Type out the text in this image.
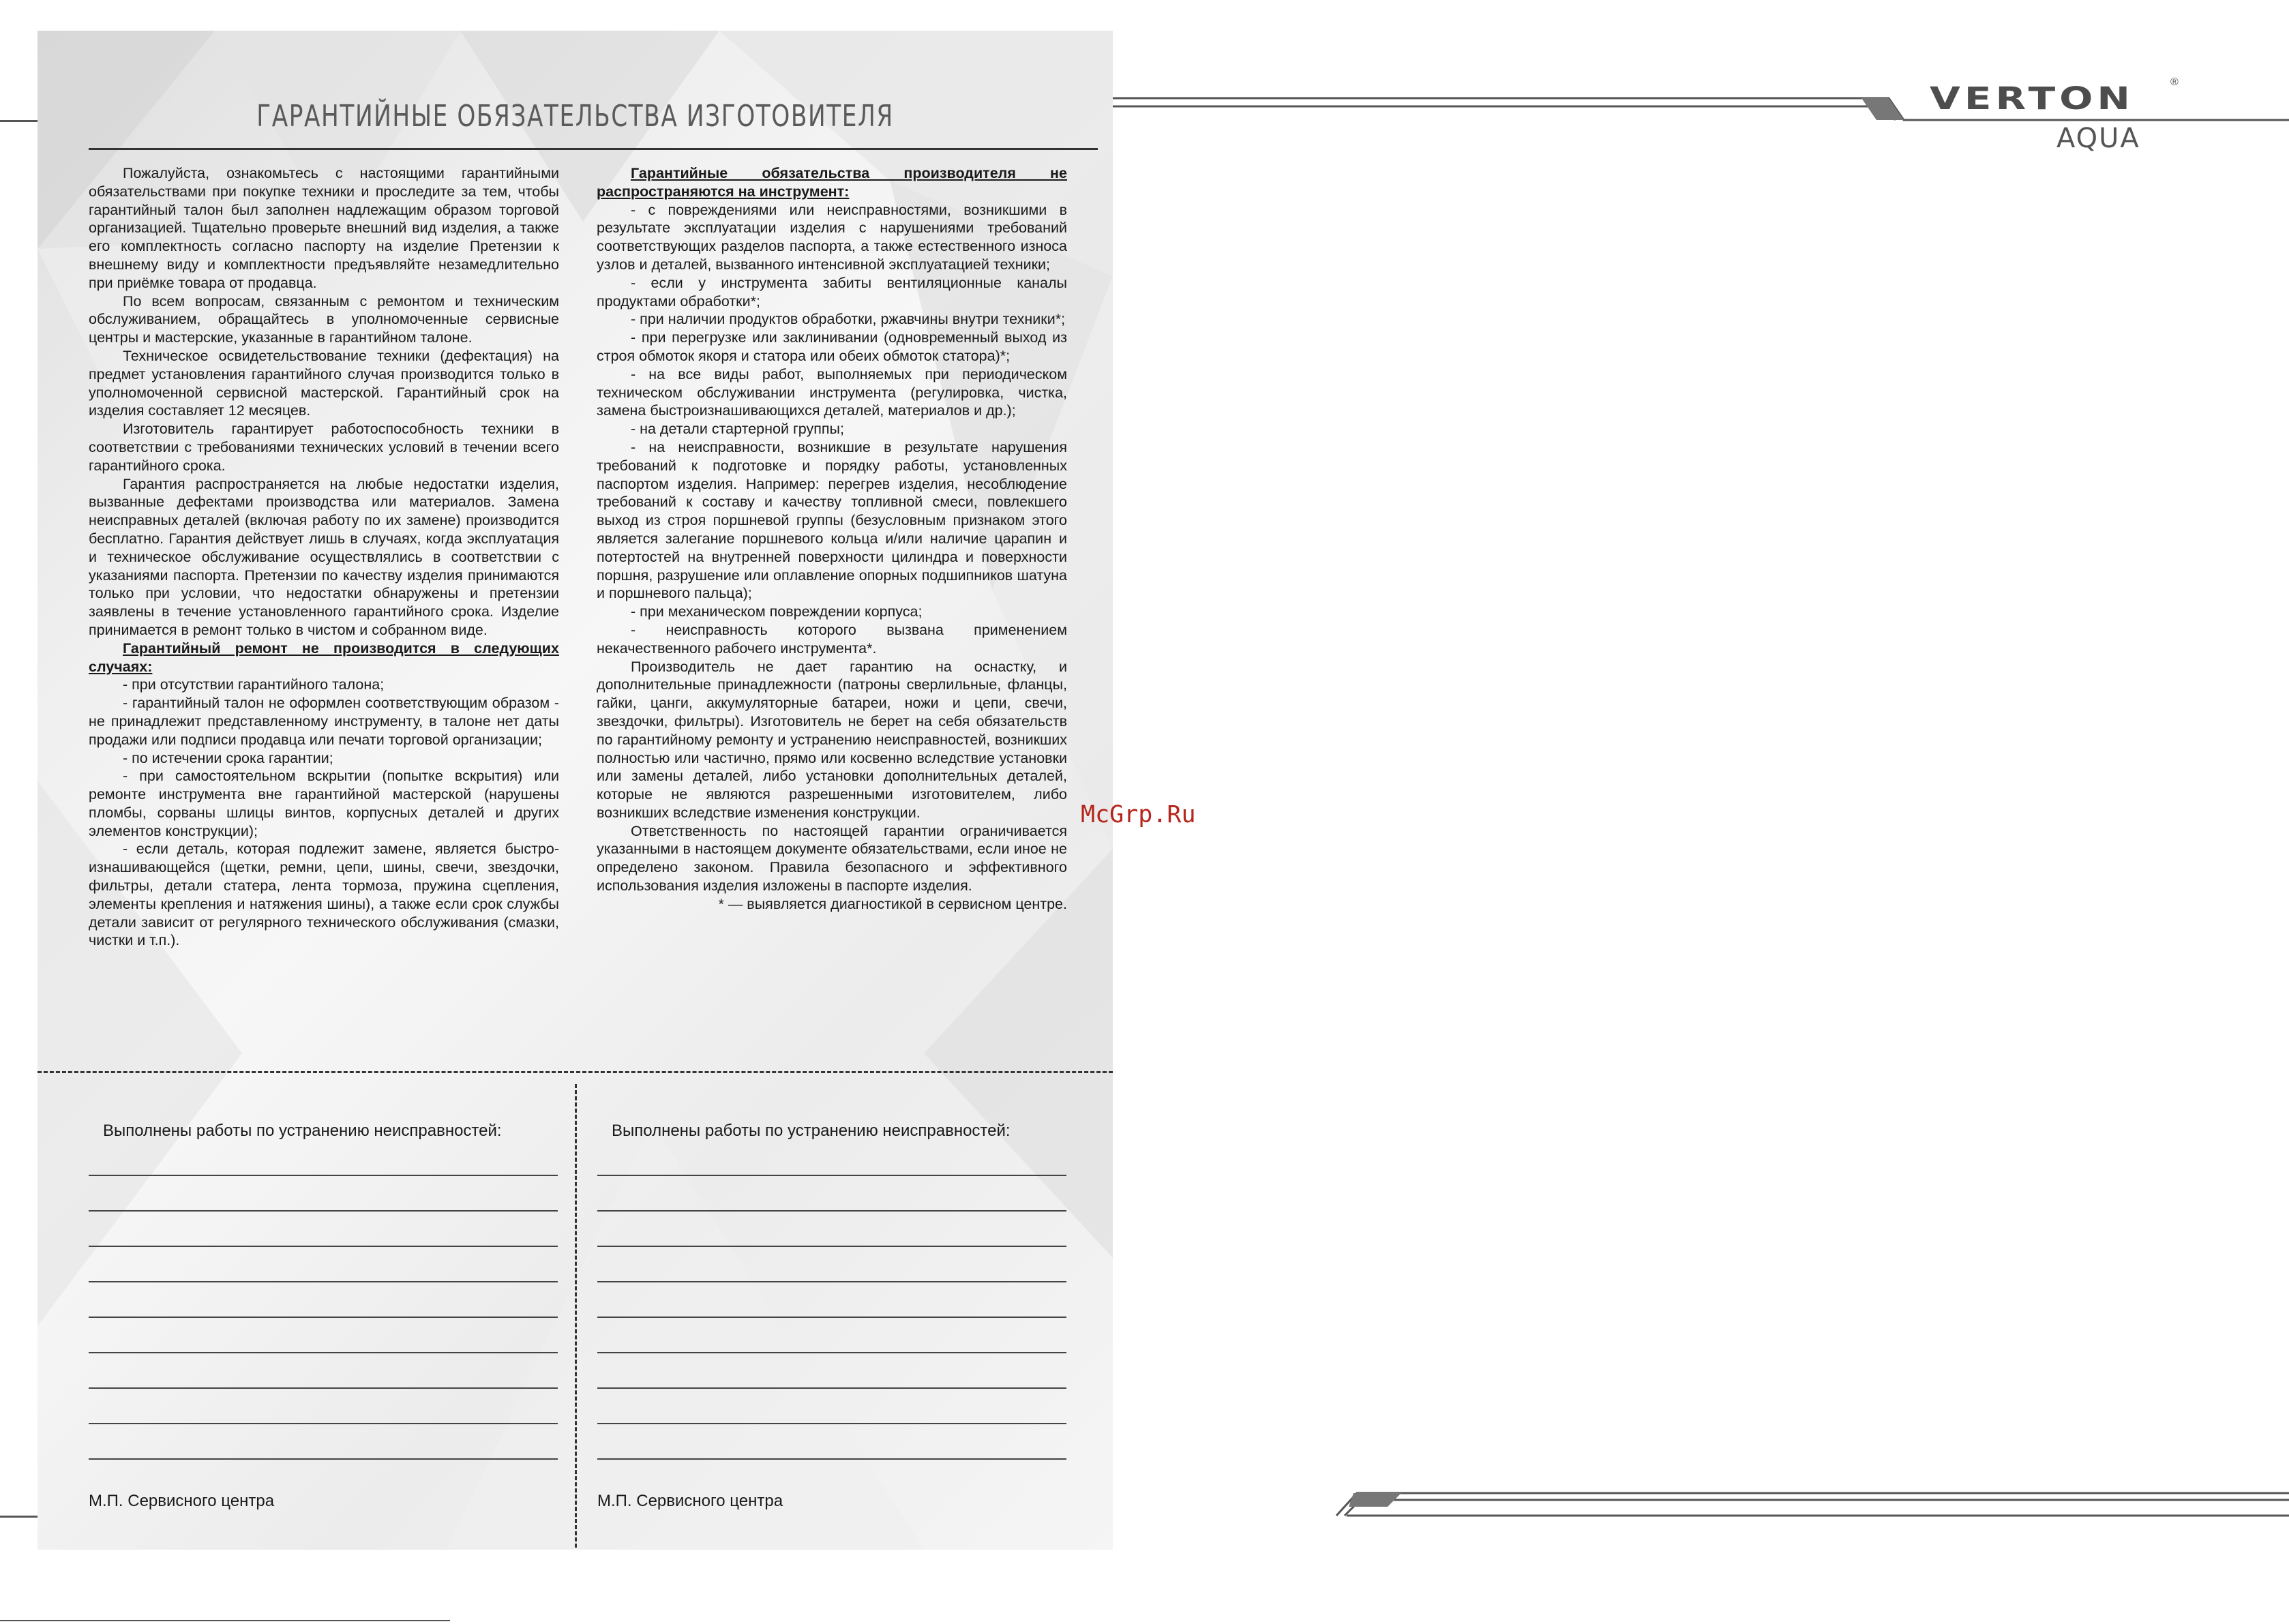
ГАРАНТИЙНЫЕ ОБЯЗАТЕЛЬСТВА ИЗГОТОВИТЕЛЯ

Пожалуйста, ознакомьтесь с настоящими гарантийными обязательствами при покупке техники и проследите за тем, чтобы гарантийный талон был заполнен надлежащим образом торговой организацией. Тщательно проверьте внешний вид изделия, а также его комплектность согласно паспорту на изделие Претензии к внешнему виду и комплектности предъявляйте незамедлительно при приёмке товара от продавца.

По всем вопросам, связанным с ремонтом и техническим обслуживанием, обращайтесь в уполномоченные сервисные центры и мастерские, указанные в гарантийном талоне.

Техническое освидетельствование техники (дефектация) на предмет установления гарантийного случая производится только в уполномоченной сервисной мастерской. Гарантийный срок на изделия составляет 12 месяцев.

Изготовитель гарантирует работоспособность техники в соответствии с требованиями технических условий в течении всего гарантийного срока.

Гарантия распространяется на любые недостатки изделия, вызванные дефектами производства или материалов. Замена неисправных деталей (включая работу по их замене) производится бесплатно. Гарантия действует лишь в случаях, когда эксплуатация и техническое обслуживание осуществлялись в соответствии с указаниями паспорта. Претензии по качеству изделия принимаются только при условии, что недостатки обнаружены и претензии заявлены в течение установленного гарантийного срока. Изделие принимается в ремонт только в чистом и собранном виде.

Гарантийный ремонт не производится в следующих случаях:

- при отсутствии гарантийного талона;

- гарантийный талон не оформлен соответствующим образом - не принадлежит представленному инструменту, в талоне нет даты продажи или подписи продавца или печати торговой организации;

- по истечении срока гарантии;

- при самостоятельном вскрытии (попытке вскрытия) или ремонте инструмента вне гарантийной мастерской (нарушены пломбы, сорваны шлицы винтов, корпусных деталей и других элементов конструкции);

- если деталь, которая подлежит замене, является быстро-изнашивающейся (щетки, ремни, цепи, шины, свечи, звездочки, фильтры, детали статера, лента тормоза, пружина сцепления, элементы крепления и натяжения шины), а также если срок службы детали зависит от регулярного технического обслуживания (смазки, чистки и т.п.).

Гарантийные обязательства производителя не распространяются на инструмент:

- с повреждениями или неисправностями, возникшими в результате эксплуатации изделия с нарушениями требований соответствующих разделов паспорта, а также естественного износа узлов и деталей, вызванного интенсивной эксплуатацией техники;

- если у инструмента забиты вентиляционные каналы продуктами обработки*;

- при наличии продуктов обработки, ржавчины внутри техники*;

- при перегрузке или заклинивании (одновременный выход из строя обмоток якоря и статора или обеих обмоток статора)*;

- на все виды работ, выполняемых при периодическом техническом обслуживании инструмента (регулировка, чистка, замена быстроизнашивающихся деталей, материалов и др.);

- на детали стартерной группы;

- на неисправности, возникшие в результате нарушения требований к подготовке и порядку работы, установленных паспортом изделия. Например: перегрев изделия, несоблюдение требований к составу и качеству топливной смеси, повлекшего выход из строя поршневой группы (безусловным признаком этого является залегание поршневого кольца и/или наличие царапин и потертостей на внутренней поверхности цилиндра и поверхности поршня, разрушение или оплавление опорных подшипников шатуна и поршневого пальца);

- при механическом повреждении корпуса;

- неисправность которого вызвана применением некачественного рабочего инструмента*.

Производитель не дает гарантию на оснастку, и дополнительные принадлежности (патроны сверлильные, фланцы, гайки, цанги, аккумуляторные батареи, ножи и цепи, свечи, звездочки, фильтры). Изготовитель не берет на себя обязательств по гарантийному ремонту и устранению неисправностей, возникших полностью или частично, прямо или косвенно вследствие установки или замены деталей, либо установки дополнительных деталей, которые не являются разрешенными изготовителем, либо возникших вследствие изменения конструкции.

Ответственность по настоящей гарантии ограничивается указанными в настоящем документе обязательствами, если иное не определено законом. Правила безопасного и эффективного использования изделия изложены в паспорте изделия.

* — выявляется диагностикой в сервисном центре.

Выполнены работы по устранению неисправностей:
М.П. Сервисного центра
Выполнены работы по устранению неисправностей:
М.П. Сервисного центра
VERTON
AQUA
®
McGrp.Ru
